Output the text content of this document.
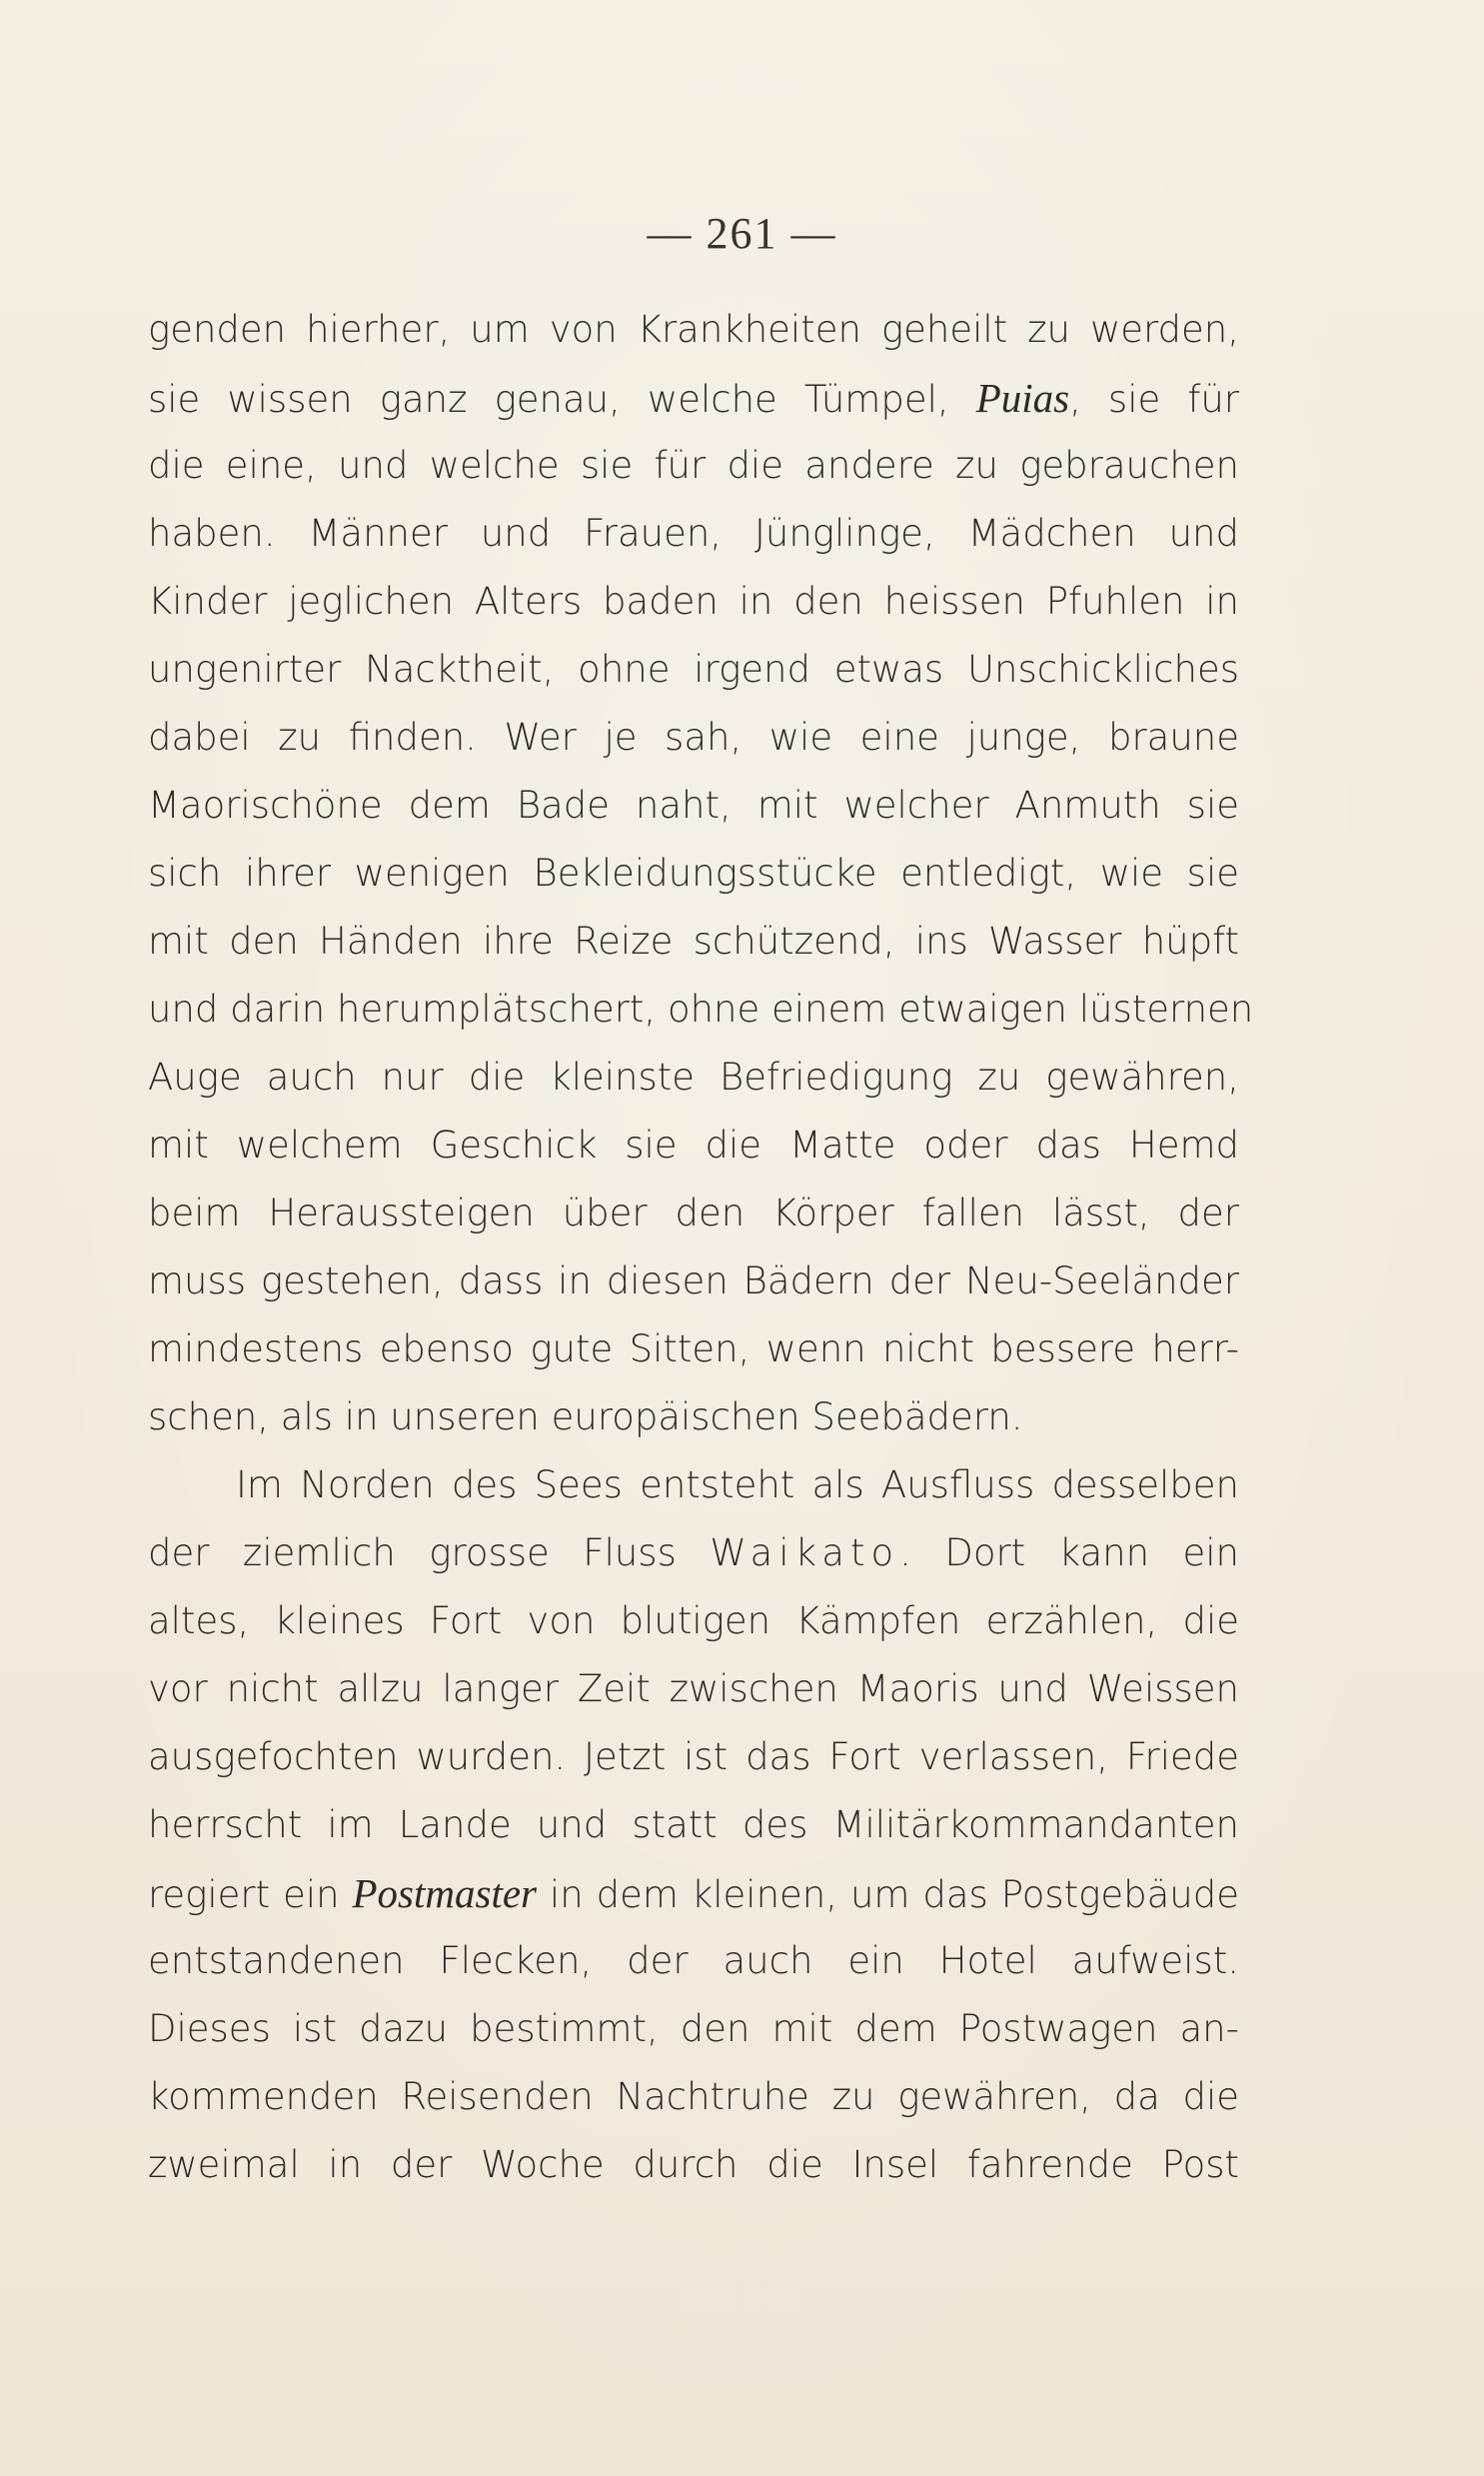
— 261 —
genden hierher, um von Krankheiten geheilt zu werden,
sie wissen ganz genau, welche Tümpel, Puias, sie für
die eine, und welche sie für die andere zu gebrauchen
haben. Männer und Frauen, Jünglinge, Mädchen und
Kinder jeglichen Alters baden in den heissen Pfuhlen in
ungenirter Nacktheit, ohne irgend etwas Unschickliches
dabei zu finden. Wer je sah, wie eine junge, braune
Maorischöne dem Bade naht, mit welcher Anmuth sie
sich ihrer wenigen Bekleidungsstücke entledigt, wie sie
mit den Händen ihre Reize schützend, ins Wasser hüpft
und darin herumplätschert, ohne einem etwaigen lüsternen
Auge auch nur die kleinste Befriedigung zu gewähren,
mit welchem Geschick sie die Matte oder das Hemd
beim Heraussteigen über den Körper fallen lässt, der
muss gestehen, dass in diesen Bädern der Neu-Seeländer
mindestens ebenso gute Sitten, wenn nicht bessere herr-
schen, als in unseren europäischen Seebädern.
Im Norden des Sees entsteht als Ausfluss desselben
der ziemlich grosse Fluss Waikato. Dort kann ein
altes, kleines Fort von blutigen Kämpfen erzählen, die
vor nicht allzu langer Zeit zwischen Maoris und Weissen
ausgefochten wurden. Jetzt ist das Fort verlassen, Friede
herrscht im Lande und statt des Militärkommandanten
regiert ein Postmaster in dem kleinen, um das Postgebäude
entstandenen Flecken, der auch ein Hotel aufweist.
Dieses ist dazu bestimmt, den mit dem Postwagen an-
kommenden Reisenden Nachtruhe zu gewähren, da die
zweimal in der Woche durch die Insel fahrende Post
